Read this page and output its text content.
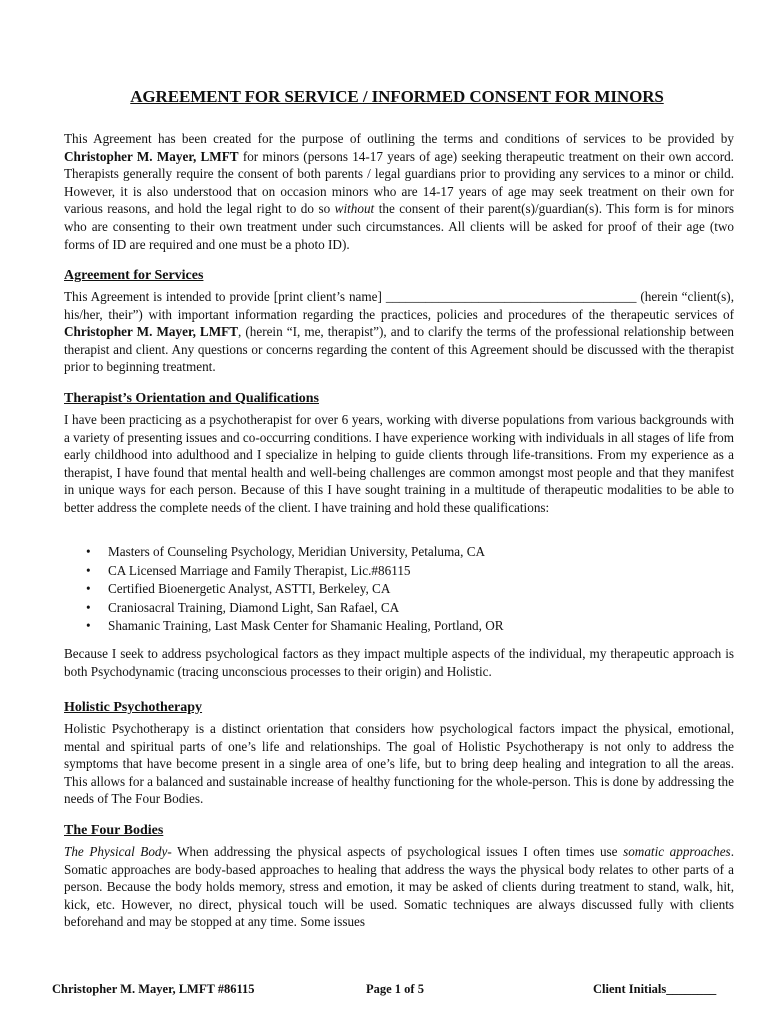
AGREEMENT FOR SERVICE / INFORMED CONSENT FOR MINORS

This Agreement has been created for the purpose of outlining the terms and conditions of services to be provided by Christopher M. Mayer, LMFT for minors (persons 14-17 years of age) seeking therapeutic treatment on their own accord. Therapists generally require the consent of both parents / legal guardians prior to providing any services to a minor or child. However, it is also understood that on occasion minors who are 14-17 years of age may seek treatment on their own for various reasons, and hold the legal right to do so without the consent of their parent(s)/guardian(s). This form is for minors who are consenting to their own treatment under such circumstances. All clients will be asked for proof of their age (two forms of ID are required and one must be a photo ID).

Agreement for Services

This Agreement is intended to provide [print client’s name] ______________________________________ (herein “client(s), his/her, their”) with important information regarding the practices, policies and procedures of the therapeutic services of Christopher M. Mayer, LMFT, (herein “I, me, therapist”), and to clarify the terms of the professional relationship between therapist and client. Any questions or concerns regarding the content of this Agreement should be discussed with the therapist prior to beginning treatment.

Therapist’s Orientation and Qualifications

I have been practicing as a psychotherapist for over 6 years, working with diverse populations from various backgrounds with a variety of presenting issues and co-occurring conditions. I have experience working with individuals in all stages of life from early childhood into adulthood and I specialize in helping to guide clients through life-transitions. From my experience as a therapist, I have found that mental health and well-being challenges are common amongst most people and that they manifest in unique ways for each person. Because of this I have sought training in a multitude of therapeutic modalities to be able to better address the complete needs of the client. I have training and hold these qualifications:

• Masters of Counseling Psychology, Meridian University, Petaluma, CA
• CA Licensed Marriage and Family Therapist, Lic.#86115
• Certified Bioenergetic Analyst, ASTTI, Berkeley, CA
• Craniosacral Training, Diamond Light, San Rafael, CA
• Shamanic Training, Last Mask Center for Shamanic Healing, Portland, OR

Because I seek to address psychological factors as they impact multiple aspects of the individual, my therapeutic approach is both Psychodynamic (tracing unconscious processes to their origin) and Holistic.

Holistic Psychotherapy

Holistic Psychotherapy is a distinct orientation that considers how psychological factors impact the physical, emotional, mental and spiritual parts of one’s life and relationships. The goal of Holistic Psychotherapy is not only to address the symptoms that have become present in a single area of one’s life, but to bring deep healing and integration to all the areas. This allows for a balanced and sustainable increase of healthy functioning for the whole-person. This is done by addressing the needs of The Four Bodies.

The Four Bodies

The Physical Body- When addressing the physical aspects of psychological issues I often times use somatic approaches. Somatic approaches are body-based approaches to healing that address the ways the physical body relates to other parts of a person. Because the body holds memory, stress and emotion, it may be asked of clients during treatment to stand, walk, hit, kick, etc. However, no direct, physical touch will be used. Somatic techniques are always discussed fully with clients beforehand and may be stopped at any time. Some issues

Christopher M. Mayer, LMFT #86115	Page 1 of 5	Client Initials________
